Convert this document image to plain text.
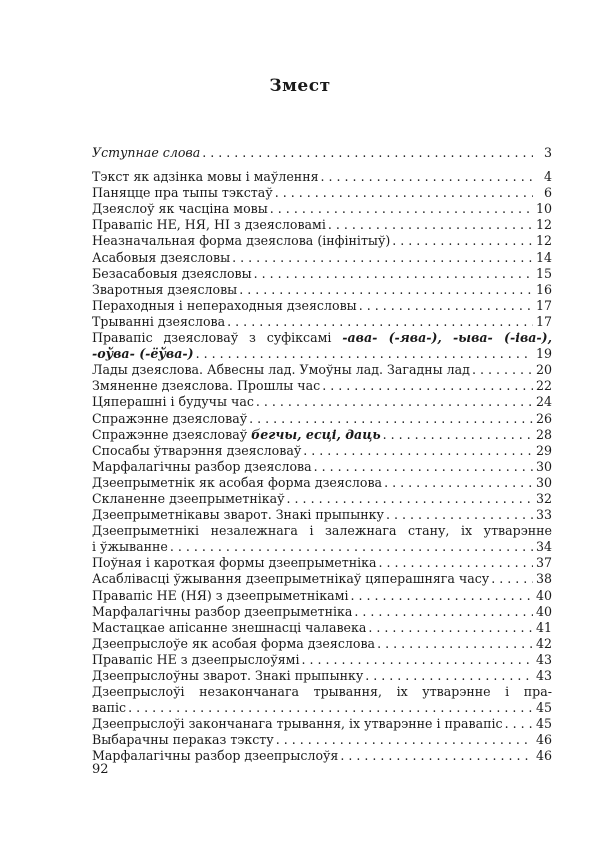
Змест
Уступнае слова . . .	3
Тэкст як адзінка мовы і маўлення . . .	4
Паняцце пра тыпы тэкстаў . . .	6
Дзеяслоў як часціна мовы . . .	10
Правапіс НЕ, НЯ, НІ з дзеясловамі . . .	12
Неазначальная форма дзеяслова (інфінітыў) . . .	12
Асабовыя дзеясловы . . .	14
Безасабовыя дзеясловы . . .	15
Зваротныя дзеясловы . . .	16
Пераходныя і непераходныя дзеясловы . . .	17
Трыванні дзеяслова . . .	17
Правапіс дзеясловаў з суфіксамі -ава- (-ява-), -ыва- (-іва-),
-оўва- (-ёўва-) . . .	19
Лады дзеяслова. Абвесны лад. Умоўны лад. Загадны лад . . .	20
Змяненне дзеяслова. Прошлы час . . .	22
Цяперашні і будучы час . . .	24
Спражэнне дзеясловаў . . .	26
Спражэнне дзеясловаў бегчы, есці, даць . . .	28
Спосабы ўтварэння дзеясловаў . . .	29
Марфалагічны разбор дзеяслова . . .	30
Дзеепрыметнік як асобая форма дзеяслова . . .	30
Скланенне дзеепрыметнікаў . . .	32
Дзеепрыметнікавы зварот. Знакі прыпынку . . .	33
Дзеепрыметнікі незалежнага і залежнага стану, іх утварэнне
і ўжыванне . . .	34
Поўная і кароткая формы дзеепрыметніка . . .	37
Асаблівасці ўжывання дзеепрыметнікаў цяперашняга часу . . .	38
Правапіс НЕ (НЯ) з дзеепрыметнікамі . . .	40
Марфалагічны разбор дзеепрыметніка . . .	40
Мастацкае апісанне знешнасці чалавека . . .	41
Дзеепрыслоўе як асобая форма дзеяслова . . .	42
Правапіс НЕ з дзеепрыслоўямі . . .	43
Дзеепрыслоўны зварот. Знакі прыпынку . . .	43
Дзеепрыслоўі незакончанага трывання, іх утварэнне і пра-
вапіс . . .	45
Дзеепрыслоўі закончанага трывання, іх утварэнне і правапіс . . .	45
Выбарачны пераказ тэксту . . .	46
Марфалагічны разбор дзеепрыслоўя . . .	46
92
